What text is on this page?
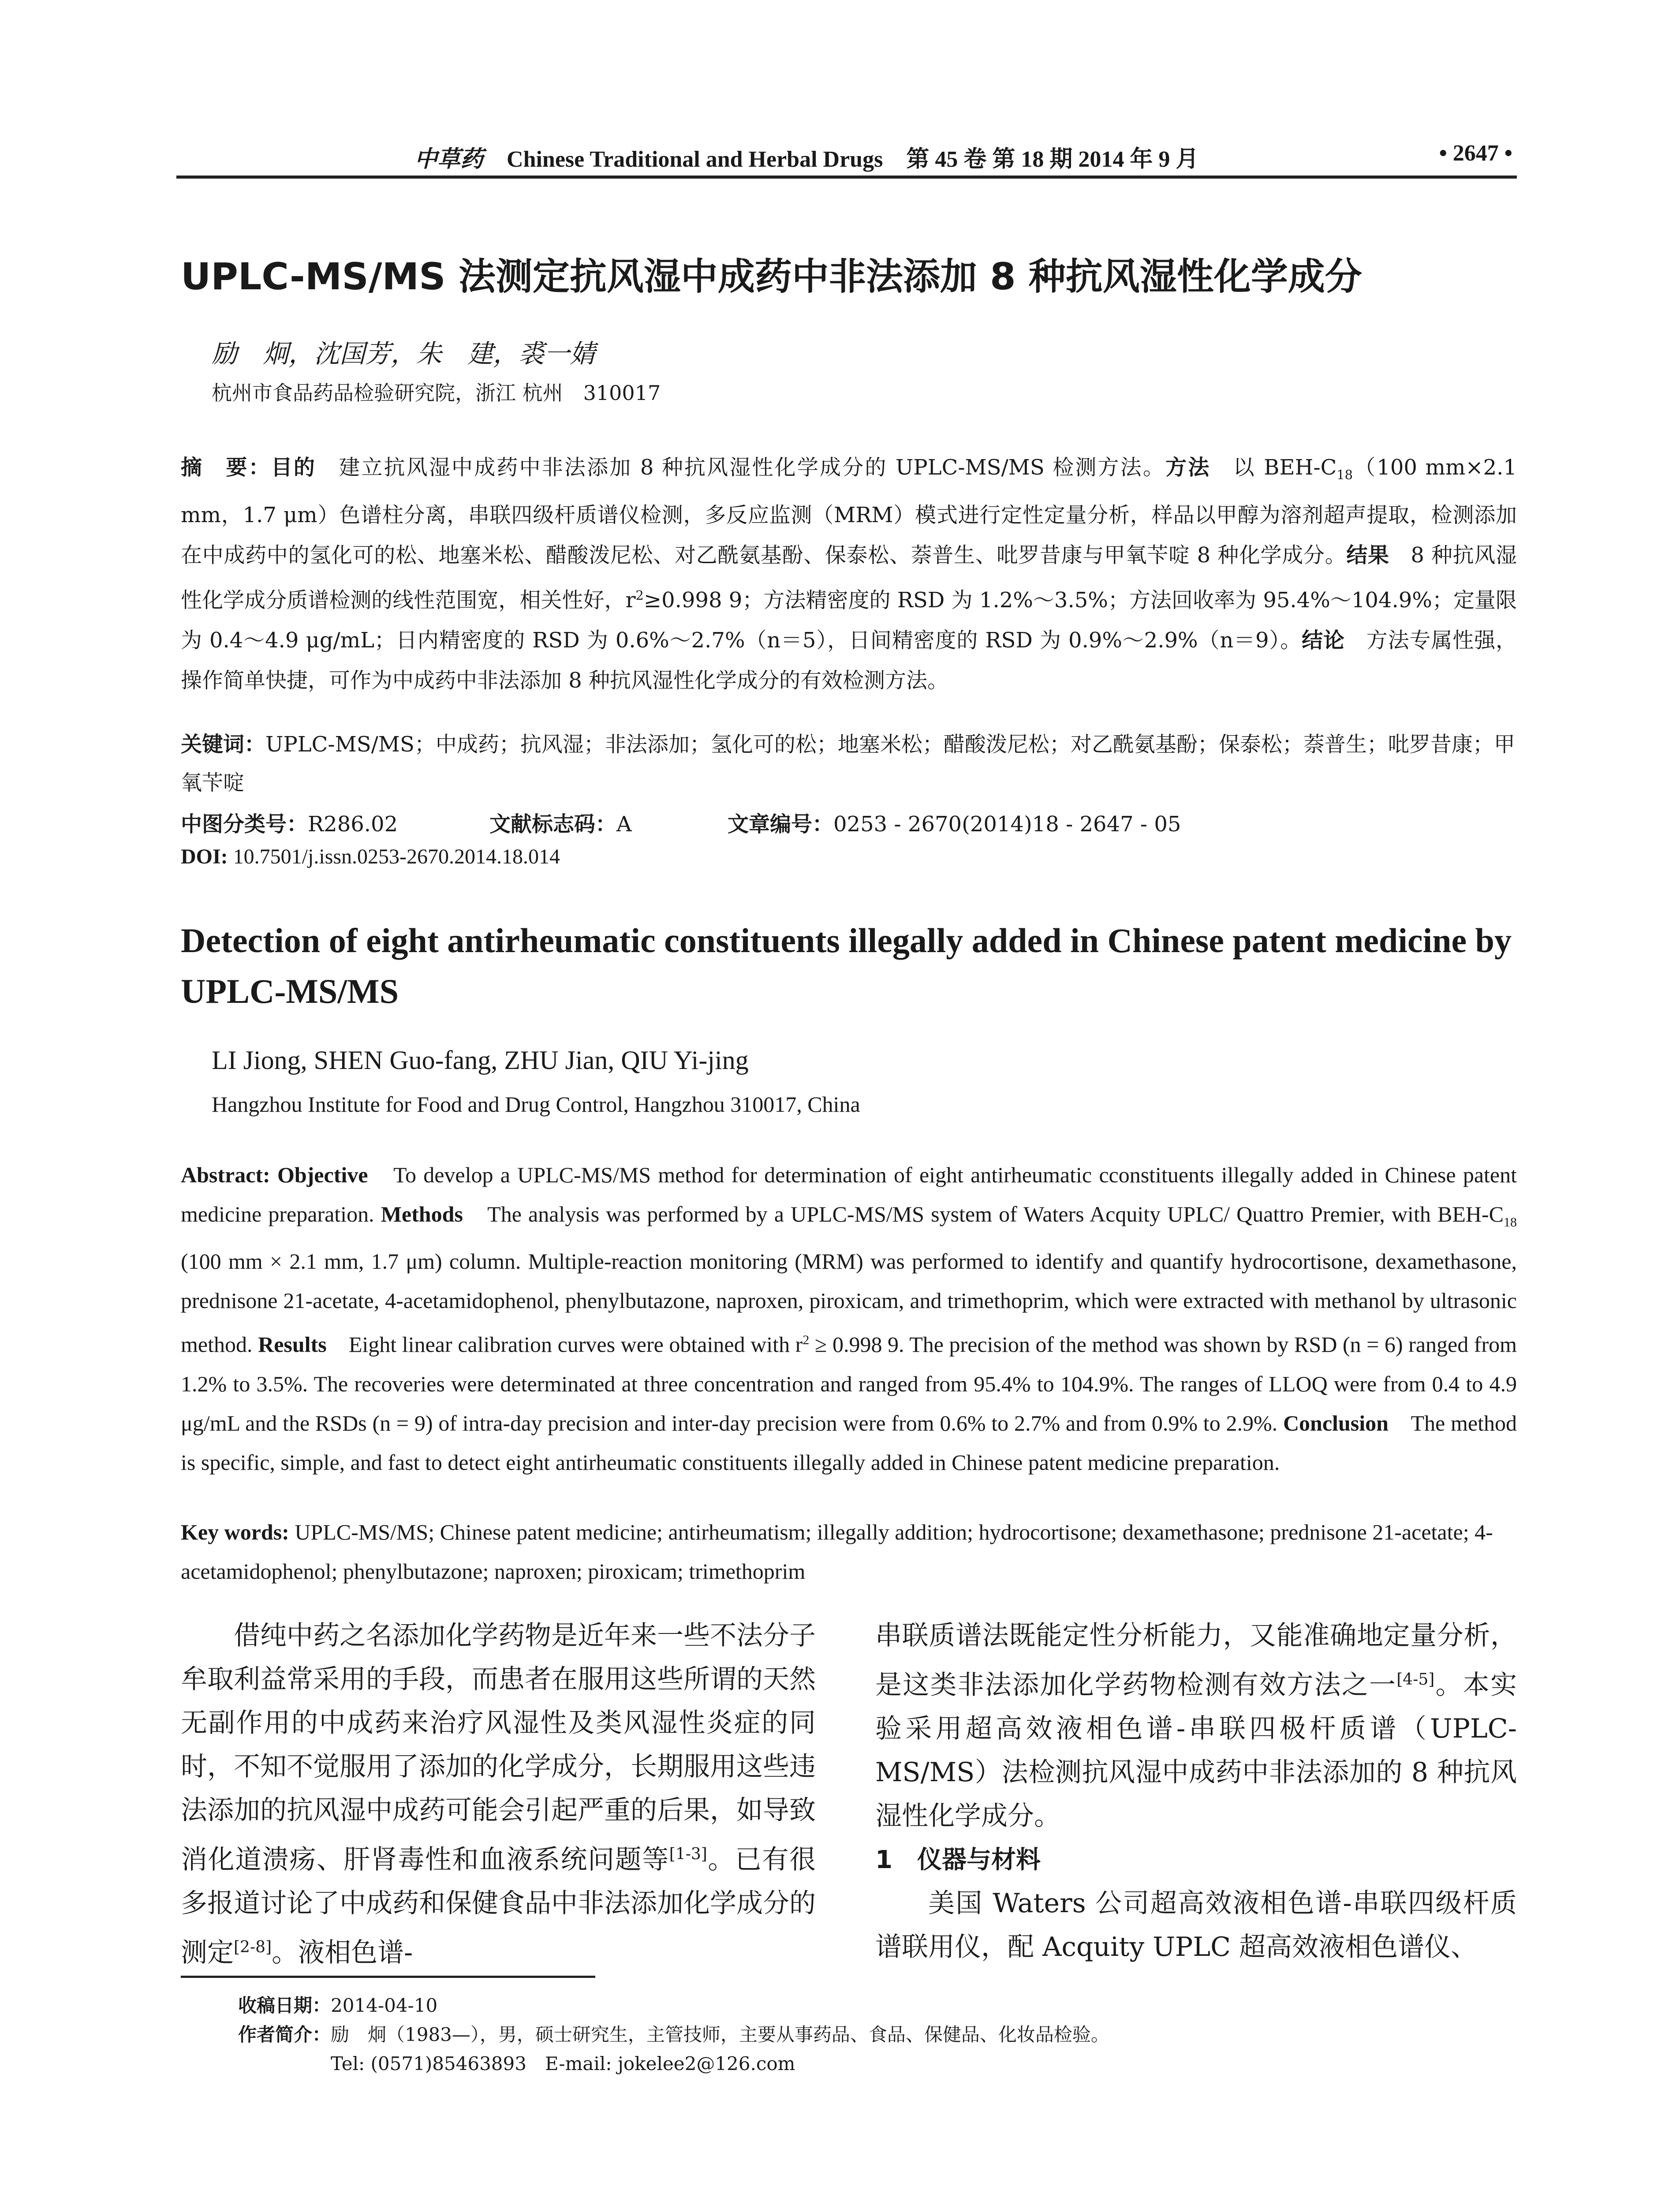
中草药 Chinese Traditional and Herbal Drugs 第 45 卷 第 18 期 2014 年 9 月	• 2647 •
UPLC-MS/MS 法测定抗风湿中成药中非法添加 8 种抗风湿性化学成分
励　炯，沈国芳，朱　建，裘一婧
杭州市食品药品检验研究院，浙江 杭州　310017
摘　要：目的　建立抗风湿中成药中非法添加 8 种抗风湿性化学成分的 UPLC-MS/MS 检测方法。方法　以 BEH-$C_{18}(100$ mm×2.1 mm，1.7 μm）色谱柱分离，串联四级杆质谱仪检测，多反应监测（MRM）模式进行定性定量分析，样品以甲醇为溶剂超声提取，检测添加在中成药中的氢化可的松、地塞米松、醋酸泼尼松、对乙酰氨基酚、保泰松、萘普生、吡罗昔康与甲氧苄啶 8 种化学成分。结果　8 种抗风湿性化学成分质谱检测的线性范围宽，相关性好，$r^2\ge 0.998$ 9；方法精密度的 RSD 为 1.2%～3.5%；方法回收率为 95.4%～104.9%；定量限为 0.4～4.9 μg/mL；日内精密度的 RSD 为 0.6%～2.7%（n＝5），日间精密度的 RSD 为 0.9%～2.9%（n＝9）。结论　方法专属性强，操作简单快捷，可作为中成药中非法添加 8 种抗风湿性化学成分的有效检测方法。
关键词：UPLC-MS/MS；中成药；抗风湿；非法添加；氢化可的松；地塞米松；醋酸泼尼松；对乙酰氨基酚；保泰松；萘普生；吡罗昔康；甲氧苄啶
中图分类号：R286.02	文献标志码：A	文章编号：0253 - 2670(2014)18 - 2647 - 05
DOI: 10.7501/j.issn.0253-2670.2014.18.014
Detection of eight antirheumatic constituents illegally added in Chinese patent medicine by UPLC-MS/MS
LI Jiong, SHEN Guo-fang, ZHU Jian, QIU Yi-jing
Hangzhou Institute for Food and Drug Control, Hangzhou 310017, China
Abstract: Objective　To develop a UPLC-MS/MS method for determination of eight antirheumatic cconstituents illegally added in Chinese patent medicine preparation. Methods　The analysis was performed by a UPLC-MS/MS system of Waters Acquity UPLC/ Quattro Premier, with BEH-$C_{18}$ (100 mm × 2.1 mm, 1.7 μm) column. Multiple-reaction monitoring (MRM) was performed to identify and quantify hydrocortisone, dexamethasone, prednisone 21-acetate, 4-acetamidophenol, phenylbutazone, naproxen, piroxicam, and trimethoprim, which were extracted with methanol by ultrasonic method. Results　Eight linear calibration curves were obtained with $r^2 \ge 0.998$ 9. The precision of the method was shown by RSD (n = 6) ranged from 1.2% to 3.5%. The recoveries were determinated at three concentration and ranged from 95.4% to 104.9%. The ranges of LLOQ were from 0.4 to 4.9 μg/mL and the RSDs (n = 9) of intra-day precision and inter-day precision were from 0.6% to 2.7% and from 0.9% to 2.9%. Conclusion　The method is specific, simple, and fast to detect eight antirheumatic constituents illegally added in Chinese patent medicine preparation.
Key words: UPLC-MS/MS; Chinese patent medicine; antirheumatism; illegally addition; hydrocortisone; dexamethasone; prednisone 21-acetate; 4-acetamidophenol; phenylbutazone; naproxen; piroxicam; trimethoprim
借纯中药之名添加化学药物是近年来一些不法分子牟取利益常采用的手段，而患者在服用这些所谓的天然无副作用的中成药来治疗风湿性及类风湿性炎症的同时，不知不觉服用了添加的化学成分，长期服用这些违法添加的抗风湿中成药可能会引起严重的后果，如导致消化道溃疡、肝肾毒性和血液系统问题等[1-3]。已有很多报道讨论了中成药和保健食品中非法添加化学成分的测定[2-8]。液相色谱-

串联质谱法既能定性分析能力，又能准确地定量分析，是这类非法添加化学药物检测有效方法之一[4-5]。本实验采用超高效液相色谱-串联四极杆质谱（UPLC-MS/MS）法检测抗风湿中成药中非法添加的 8 种抗风湿性化学成分。

1　仪器与材料

美国 Waters 公司超高效液相色谱-串联四级杆质谱联用仪，配 Acquity UPLC 超高效液相色谱仪、

收稿日期：2014-04-10
作者简介：励　炯（1983—），男，硕士研究生，主管技师，主要从事药品、食品、保健品、化妆品检验。
Tel: (0571)85463893　E-mail: jokelee2@126.com
